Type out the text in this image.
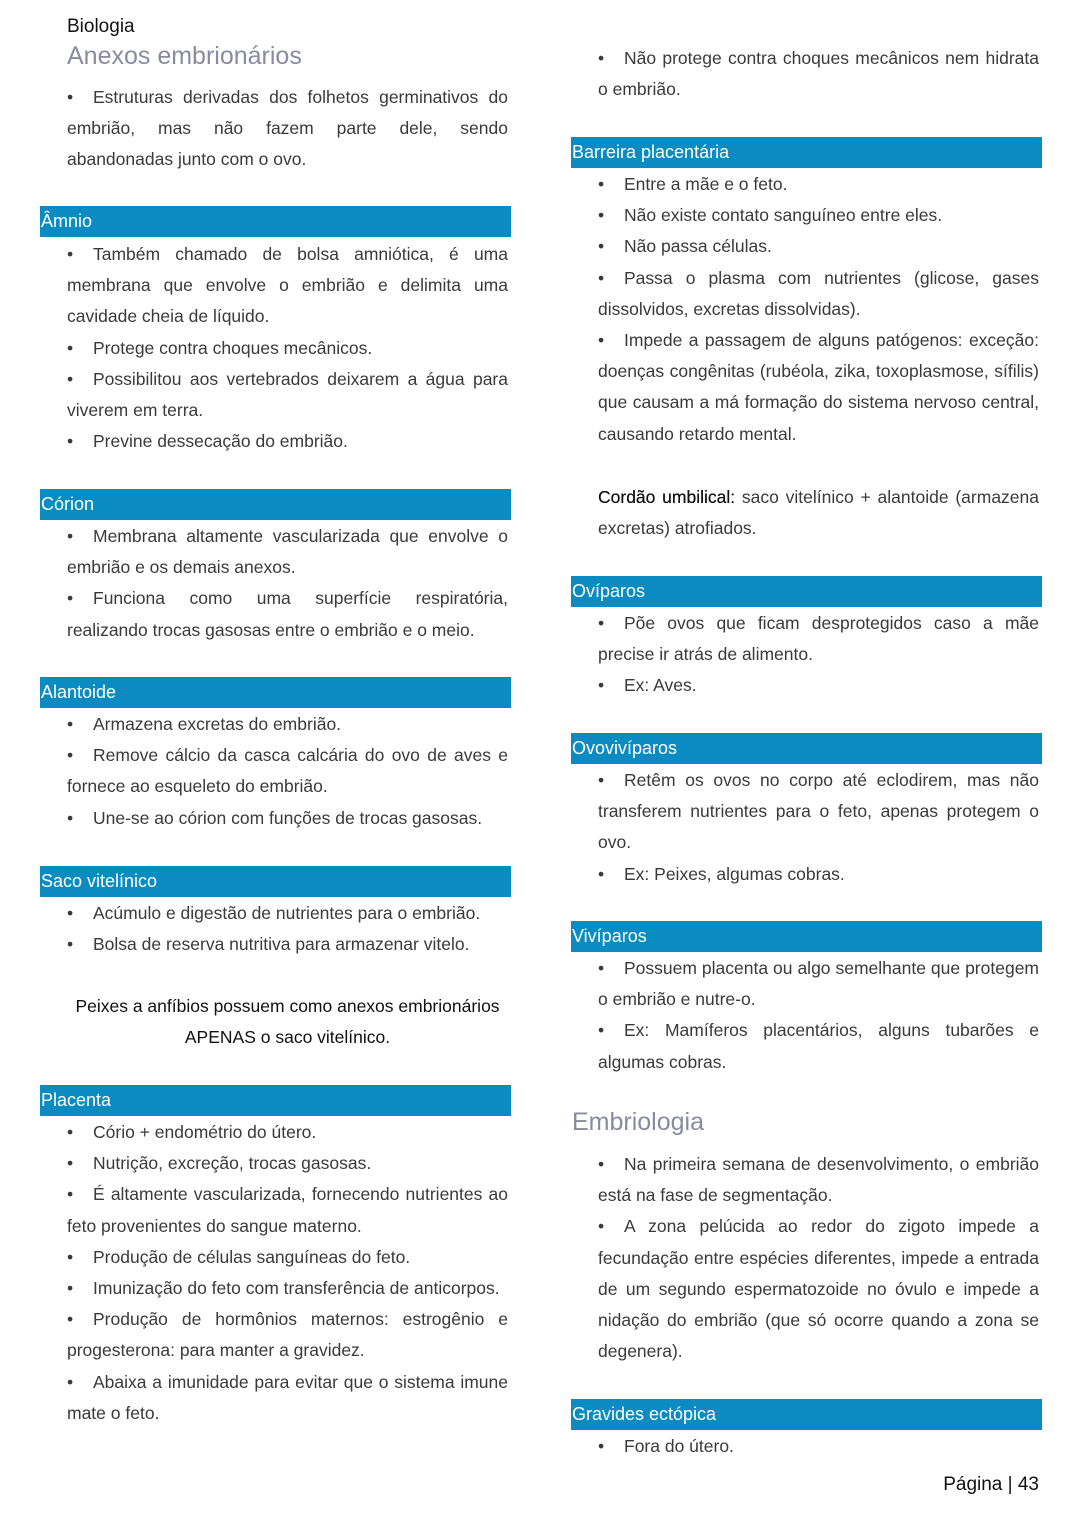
Biologia
Anexos embrionários

• Estruturas derivadas dos folhetos germinativos do embrião, mas não fazem parte dele, sendo abandonadas junto com o ovo.

Âmnio

• Também chamado de bolsa amniótica, é uma membrana que envolve o embrião e delimita uma cavidade cheia de líquido.

• Protege contra choques mecânicos.

• Possibilitou aos vertebrados deixarem a água para viverem em terra.

• Previne dessecação do embrião.

Córion

• Membrana altamente vascularizada que envolve o embrião e os demais anexos.

• Funciona como uma superfície respiratória, realizando trocas gasosas entre o embrião e o meio.

Alantoide

• Armazena excretas do embrião.

• Remove cálcio da casca calcária do ovo de aves e fornece ao esqueleto do embrião.

• Une-se ao córion com funções de trocas gasosas.

Saco vitelínico

• Acúmulo e digestão de nutrientes para o embrião.

• Bolsa de reserva nutritiva para armazenar vitelo.

Peixes a anfíbios possuem como anexos embrionários
APENAS o saco vitelínico.
Placenta

• Cório + endométrio do útero.

• Nutrição, excreção, trocas gasosas.

• É altamente vascularizada, fornecendo nutrientes ao feto provenientes do sangue materno.

• Produção de células sanguíneas do feto.

• Imunização do feto com transferência de anticorpos.

• Produção de hormônios maternos: estrogênio e progesterona: para manter a gravidez.

• Abaixa a imunidade para evitar que o sistema imune mate o feto.

• Não protege contra choques mecânicos nem hidrata o embrião.

Barreira placentária

• Entre a mãe e o feto.

• Não existe contato sanguíneo entre eles.

• Não passa células.

• Passa o plasma com nutrientes (glicose, gases dissolvidos, excretas dissolvidas).

• Impede a passagem de alguns patógenos: exceção: doenças congênitas (rubéola, zika, toxoplasmose, sífilis) que causam a má formação do sistema nervoso central, causando retardo mental.

Cordão umbilical: saco vitelínico + alantoide (armazena excretas) atrofiados.
Ovíparos

• Põe ovos que ficam desprotegidos caso a mãe precise ir atrás de alimento.

• Ex: Aves.

Ovovivíparos

• Retêm os ovos no corpo até eclodirem, mas não transferem nutrientes para o feto, apenas protegem o ovo.

• Ex: Peixes, algumas cobras.

Vivíparos

• Possuem placenta ou algo semelhante que protegem o embrião e nutre-o.

• Ex: Mamíferos placentários, alguns tubarões e algumas cobras.

Embriologia

• Na primeira semana de desenvolvimento, o embrião está na fase de segmentação.

• A zona pelúcida ao redor do zigoto impede a fecundação entre espécies diferentes, impede a entrada de um segundo espermatozoide no óvulo e impede a nidação do embrião (que só ocorre quando a zona se degenera).

Gravides ectópica

• Fora do útero.

Página | 43
